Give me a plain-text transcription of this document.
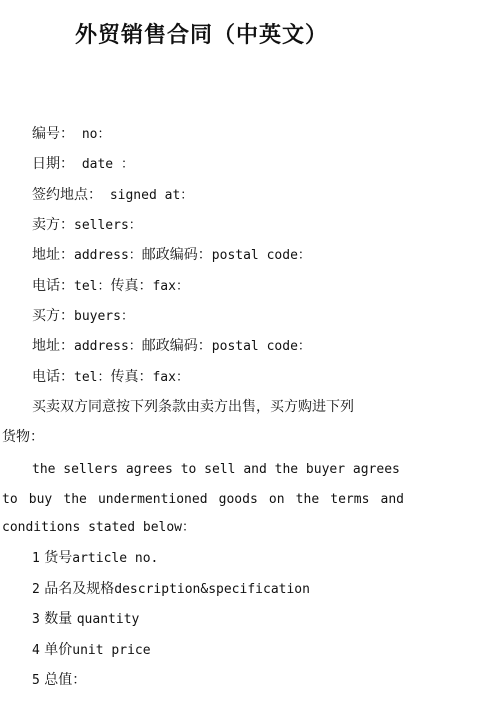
外贸销售合同（中英文）
编号： no：
日期： date ：
签约地点： signed at：
卖方：sellers：
地址：address：邮政编码：postal code：
电话：tel：传真：fax：
买方：buyers：
地址：address：邮政编码：postal code：
电话：tel：传真：fax：
买卖双方同意按下列条款由卖方出售，买方购进下列
货物：
the sellers agrees to sell and the buyer agrees
to buy the undermentioned goods on the terms and
conditions stated below：
1 货号article no.
2 品名及规格description&specification
3 数量 quantity
4 单价unit price
5 总值：
